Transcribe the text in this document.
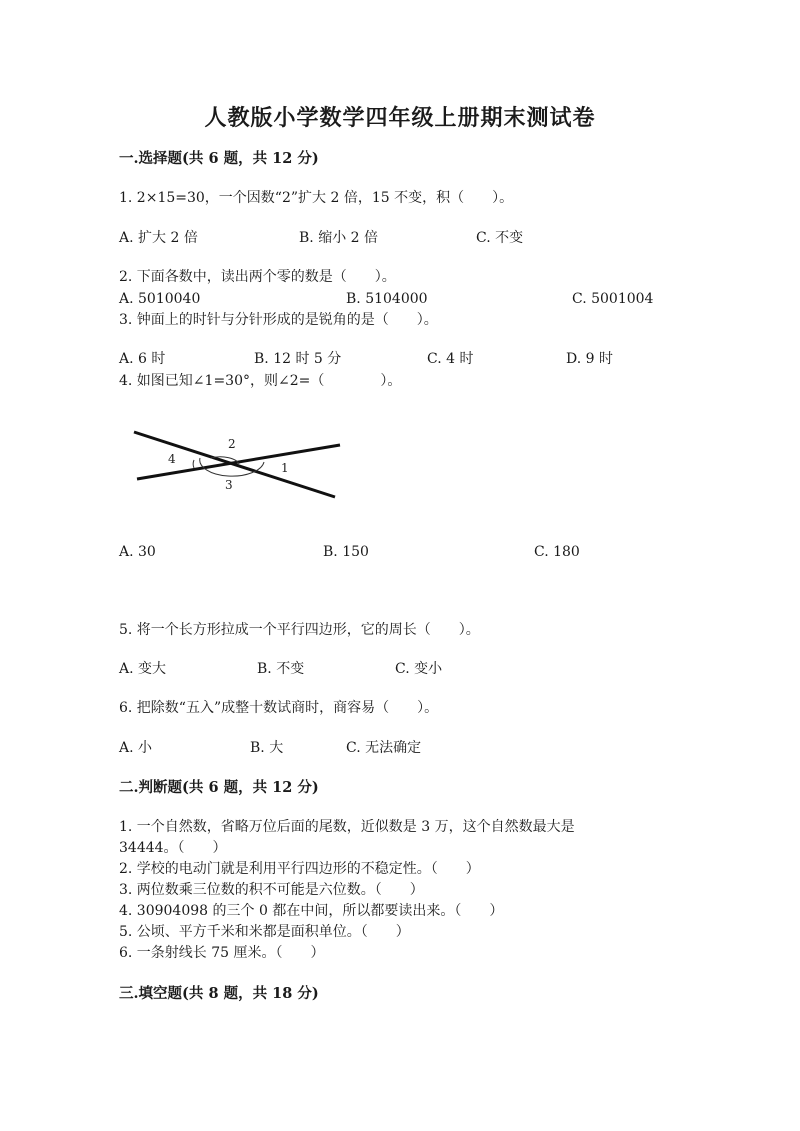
人教版小学数学四年级上册期末测试卷
一.选择题(共 6 题，共 12 分)
1. 2×15=30，一个因数“2”扩大 2 倍，15 不变，积（　　）。
A. 扩大 2 倍	B. 缩小 2 倍	C. 不变
2. 下面各数中，读出两个零的数是（　　）。
A. 5010040	B. 5104000	C. 5001004
3. 钟面上的时针与分针形成的是锐角的是（　　）。
A. 6 时	B. 12 时 5 分	C. 4 时	D. 9 时
4. 如图已知∠1=30°，则∠2=（　　　　）。
2
1
3
4
A. 30	B. 150	C. 180
5. 将一个长方形拉成一个平行四边形，它的周长（　　）。
A. 变大	B. 不变	C. 变小
6. 把除数“五入”成整十数试商时，商容易（　　）。
A. 小	B. 大	C. 无法确定
二.判断题(共 6 题，共 12 分)
1. 一个自然数，省略万位后面的尾数，近似数是 3 万，这个自然数最大是
34444。（　　）
2. 学校的电动门就是利用平行四边形的不稳定性。（　　）
3. 两位数乘三位数的积不可能是六位数。（　　）
4. 30904098 的三个 0 都在中间，所以都要读出来。（　　）
5. 公顷、平方千米和米都是面积单位。（　　）
6. 一条射线长 75 厘米。（　　）
三.填空题(共 8 题，共 18 分)
